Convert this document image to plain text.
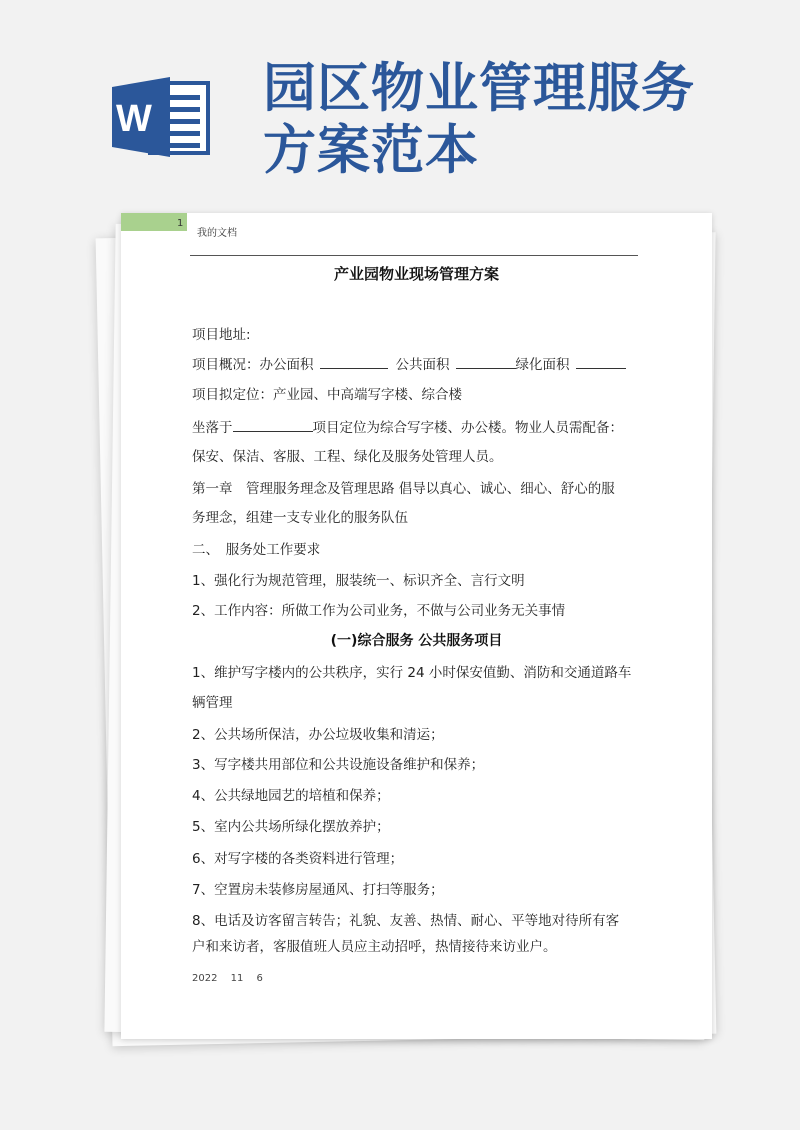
W 园区物业管理服务
方案范本
1
我的文档
产业园物业现场管理方案
项目地址:
项目概况：办公面积	公共面积	绿化面积
项目拟定位：产业园、中高端写字楼、综合楼
坐落于	项目定位为综合写字楼、办公楼。物业人员需配备：
保安、保洁、客服、工程、绿化及服务处管理人员。
第一章　管理服务理念及管理思路 倡导以真心、诚心、细心、舒心的服
务理念，组建一支专业化的服务队伍
二、　服务处工作要求
1、强化行为规范管理，服装统一、标识齐全、言行文明
2、工作内容：所做工作为公司业务，不做与公司业务无关事情
(一)综合服务 公共服务项目
1、维护写字楼内的公共秩序，实行 24 小时保安值勤、消防和交通道路车
辆管理
2、公共场所保洁，办公垃圾收集和清运；
3、写字楼共用部位和公共设施设备维护和保养；
4、公共绿地园艺的培植和保养；
5、室内公共场所绿化摆放养护；
6、对写字楼的各类资料进行管理；
7、空置房未装修房屋通风、打扫等服务；
8、电话及访客留言转告；礼貌、友善、热情、耐心、平等地对待所有客
户和来访者，客服值班人员应主动招呼，热情接待来访业户。
2022 11 6
